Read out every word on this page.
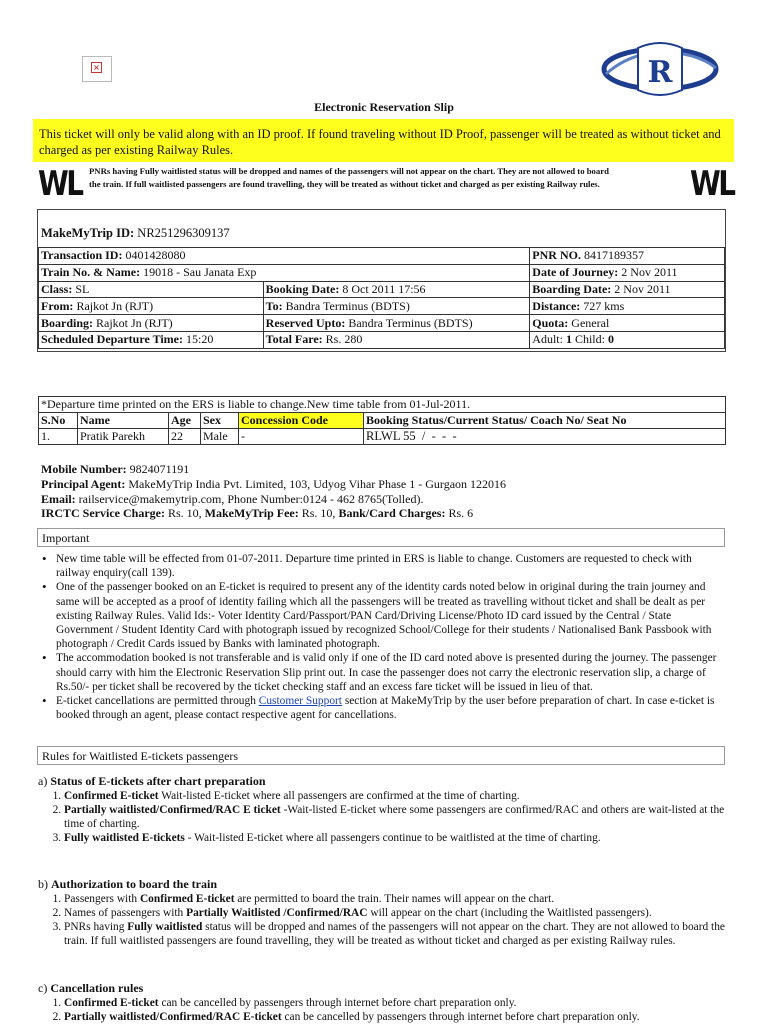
×	R
Electronic Reservation Slip
This ticket will only be valid along with an ID proof. If found traveling without ID Proof, passenger will be treated as without ticket and charged as per existing Railway Rules.
WL PNRs having Fully waitlisted status will be dropped and names of the passengers will not appear on the chart. They are not allowed to board
the train. If full waitlisted passengers are found travelling, they will be treated as without ticket and charged as per existing Railway rules.	WL
MakeMyTrip ID: NR251296309137
Transaction ID: 0401428080		PNR NO. 8417189357
Train No. & Name: 19018 - Sau Janata Exp		Date of Journey: 2 Nov 2011
Class: SL	Booking Date: 8 Oct 2011 17:56	Boarding Date: 2 Nov 2011
From: Rajkot Jn (RJT)	To: Bandra Terminus (BDTS)	Distance: 727 kms
Boarding: Rajkot Jn (RJT)	Reserved Upto: Bandra Terminus (BDTS)	Quota: General
Scheduled Departure Time: 15:20	Total Fare: Rs. 280	Adult: 1 Child: 0
*Departure time printed on the ERS is liable to change.New time table from 01-Jul-2011.					
S.No	Name	Age	Sex	Concession Code	Booking Status/Current Status/ Coach No/ Seat No
1.	Pratik Parekh	22	Male	-	RLWL 55  /  -  -  -
Mobile Number: 9824071191
Principal Agent: MakeMyTrip India Pvt. Limited, 103, Udyog Vihar Phase 1 - Gurgaon 122016
Email: railservice@makemytrip.com, Phone Number:0124 - 462 8765(Tolled).
IRCTC Service Charge: Rs. 10, MakeMyTrip Fee: Rs. 10, Bank/Card Charges: Rs. 6
Important
• New time table will be effected from 01-07-2011. Departure time printed in ERS is liable to change. Customers are requested to check with railway enquiry(call 139).
• One of the passenger booked on an E-ticket is required to present any of the identity cards noted below in original during the train journey and same will be accepted as a proof of identity failing which all the passengers will be treated as travelling without ticket and shall be dealt as per existing Railway Rules. Valid Ids:- Voter Identity Card/Passport/PAN Card/Driving License/Photo ID card issued by the Central / State Government / Student Identity Card with photograph issued by recognized School/College for their students / Nationalised Bank Passbook with photograph / Credit Cards issued by Banks with laminated photograph.
• The accommodation booked is not transferable and is valid only if one of the ID card noted above is presented during the journey. The passenger should carry with him the Electronic Reservation Slip print out. In case the passenger does not carry the electronic reservation slip, a charge of Rs.50/- per ticket shall be recovered by the ticket checking staff and an excess fare ticket will be issued in lieu of that.
• E-ticket cancellations are permitted through Customer Support section at MakeMyTrip by the user before preparation of chart. In case e-ticket is booked through an agent, please contact respective agent for cancellations.
Rules for Waitlisted E-tickets passengers
a) Status of E-tickets after chart preparation
1. Confirmed E-ticket Wait-listed E-ticket where all passengers are confirmed at the time of charting.
2. Partially waitlisted/Confirmed/RAC E ticket -Wait-listed E-ticket where some passengers are confirmed/RAC and others are wait-listed at the time of charting.
3. Fully waitlisted E-tickets - Wait-listed E-ticket where all passengers continue to be waitlisted at the time of charting.
b) Authorization to board the train
1. Passengers with Confirmed E-ticket are permitted to board the train. Their names will appear on the chart.
2. Names of passengers with Partially Waitlisted /Confirmed/RAC will appear on the chart (including the Waitlisted passengers).
3. PNRs having Fully waitlisted status will be dropped and names of the passengers will not appear on the chart. They are not allowed to board the train. If full waitlisted passengers are found travelling, they will be treated as without ticket and charged as per existing Railway rules.
c) Cancellation rules
1. Confirmed E-ticket can be cancelled by passengers through internet before chart preparation only.
2. Partially waitlisted/Confirmed/RAC E-ticket can be cancelled by passengers through internet before chart preparation only.
